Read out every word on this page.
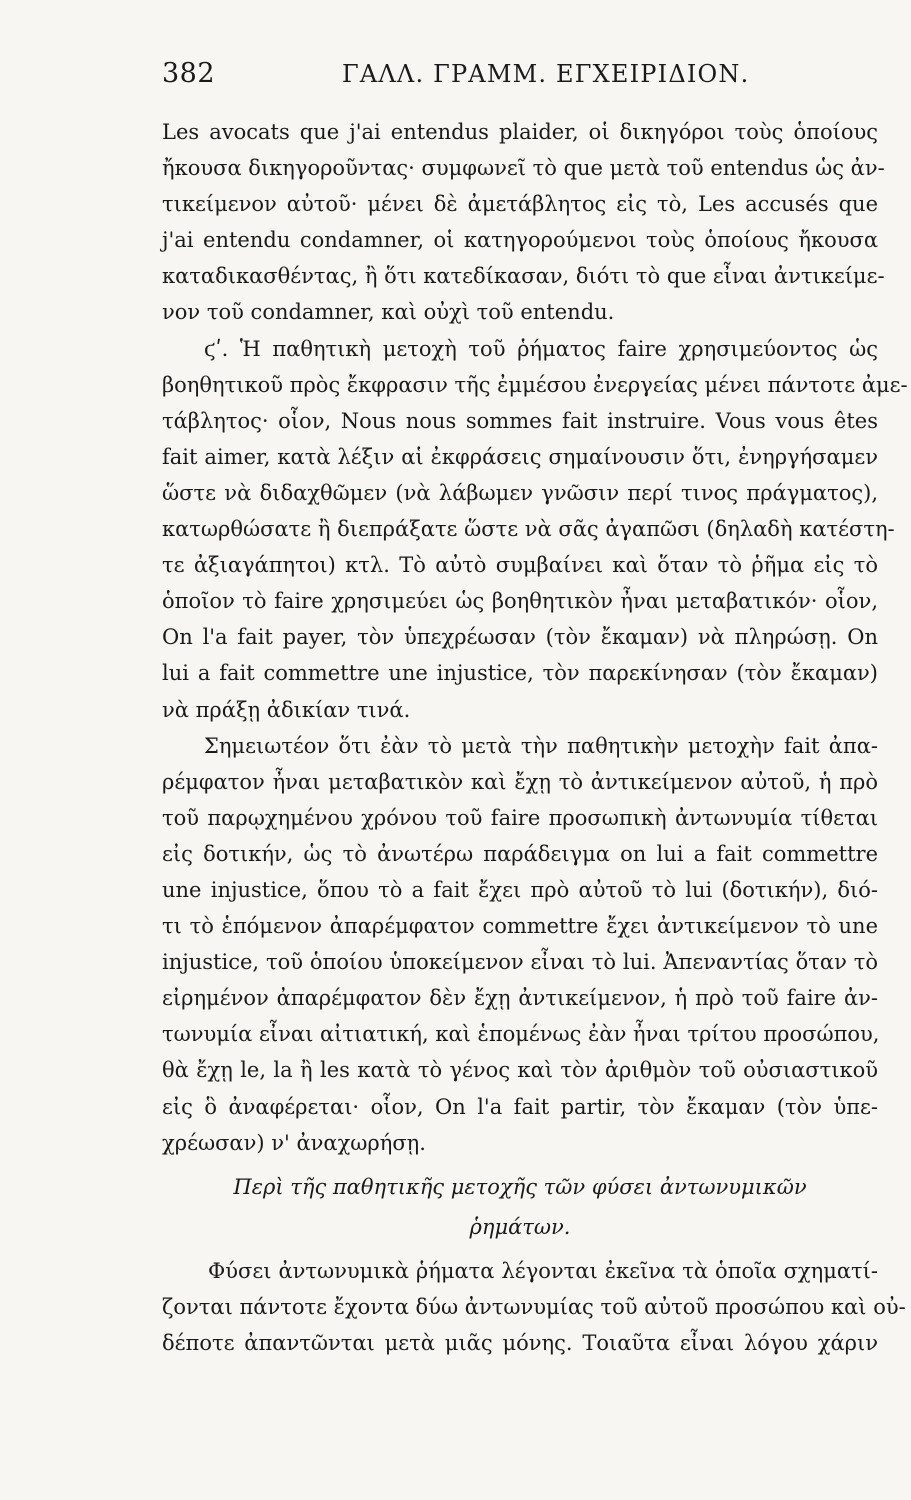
382	ΓΑΛΛ. ΓΡΑΜΜ. ΕΓΧΕΙΡΙΔΙΟΝ.
Les avocats que j'ai entendus plaider, οἱ δικηγόροι τοὺς ὁποίους
ἤκουσα δικηγοροῦντας· συμφωνεῖ τὸ que μετὰ τοῦ entendus ὡς ἀν-
τικείμενον αὐτοῦ· μένει δὲ ἀμετάβλητος εἰς τὸ, Les accusés que
j'ai entendu condamner, οἱ κατηγορούμενοι τοὺς ὁποίους ἤκουσα
καταδικασθέντας, ἢ ὅτι κατεδίκασαν, διότι τὸ que εἶναι ἀντικείμε-
νον τοῦ condamner, καὶ οὐχὶ τοῦ entendu.
ϛʹ. Ἡ παθητικὴ μετοχὴ τοῦ ῥήματος faire χρησιμεύοντος ὡς
βοηθητικοῦ πρὸς ἔκφρασιν τῆς ἐμμέσου ἐνεργείας μένει πάντοτε ἀμε-
τάβλητος· οἷον, Nous nous sommes fait instruire. Vous vous êtes
fait aimer, κατὰ λέξιν αἱ ἐκφράσεις σημαίνουσιν ὅτι, ἐνηργήσαμεν
ὥστε νὰ διδαχθῶμεν (νὰ λάβωμεν γνῶσιν περί τινος πράγματος),
κατωρθώσατε ἢ διεπράξατε ὥστε νὰ σᾶς ἀγαπῶσι (δηλαδὴ κατέστη-
τε ἀξιαγάπητοι) κτλ. Τὸ αὐτὸ συμβαίνει καὶ ὅταν τὸ ῥῆμα εἰς τὸ
ὁποῖον τὸ faire χρησιμεύει ὡς βοηθητικὸν ἦναι μεταβατικόν· οἷον,
On l'a fait payer, τὸν ὑπεχρέωσαν (τὸν ἔκαμαν) νὰ πληρώσῃ. On
lui a fait commettre une injustice, τὸν παρεκίνησαν (τὸν ἔκαμαν)
νὰ πράξῃ ἀδικίαν τινά.
Σημειωτέον ὅτι ἐὰν τὸ μετὰ τὴν παθητικὴν μετοχὴν fait ἀπα-
ρέμφατον ἦναι μεταβατικὸν καὶ ἔχῃ τὸ ἀντικείμενον αὐτοῦ, ἡ πρὸ
τοῦ παρῳχημένου χρόνου τοῦ faire προσωπικὴ ἀντωνυμία τίθεται
εἰς δοτικήν, ὡς τὸ ἀνωτέρω παράδειγμα on lui a fait commettre
une injustice, ὅπου τὸ a fait ἔχει πρὸ αὐτοῦ τὸ lui (δοτικήν), διό-
τι τὸ ἑπόμενον ἀπαρέμφατον commettre ἔχει ἀντικείμενον τὸ une
injustice, τοῦ ὁποίου ὑποκείμενον εἶναι τὸ lui. Ἀπεναντίας ὅταν τὸ
εἰρημένον ἀπαρέμφατον δὲν ἔχῃ ἀντικείμενον, ἡ πρὸ τοῦ faire ἀν-
τωνυμία εἶναι αἰτιατική, καὶ ἑπομένως ἐὰν ἦναι τρίτου προσώπου,
θὰ ἔχῃ le, la ἢ les κατὰ τὸ γένος καὶ τὸν ἀριθμὸν τοῦ οὐσιαστικοῦ
εἰς ὃ ἀναφέρεται· οἷον, On l'a fait partir, τὸν ἔκαμαν (τὸν ὑπε-
χρέωσαν) ν' ἀναχωρήσῃ.
Περὶ τῆς παθητικῆς μετοχῆς τῶν φύσει ἀντωνυμικῶν
ῥημάτων.
Φύσει ἀντωνυμικὰ ῥήματα λέγονται ἐκεῖνα τὰ ὁποῖα σχηματί-
ζονται πάντοτε ἔχοντα δύω ἀντωνυμίας τοῦ αὐτοῦ προσώπου καὶ οὐ-
δέποτε ἀπαντῶνται μετὰ μιᾶς μόνης. Τοιαῦτα εἶναι λόγου χάριν
